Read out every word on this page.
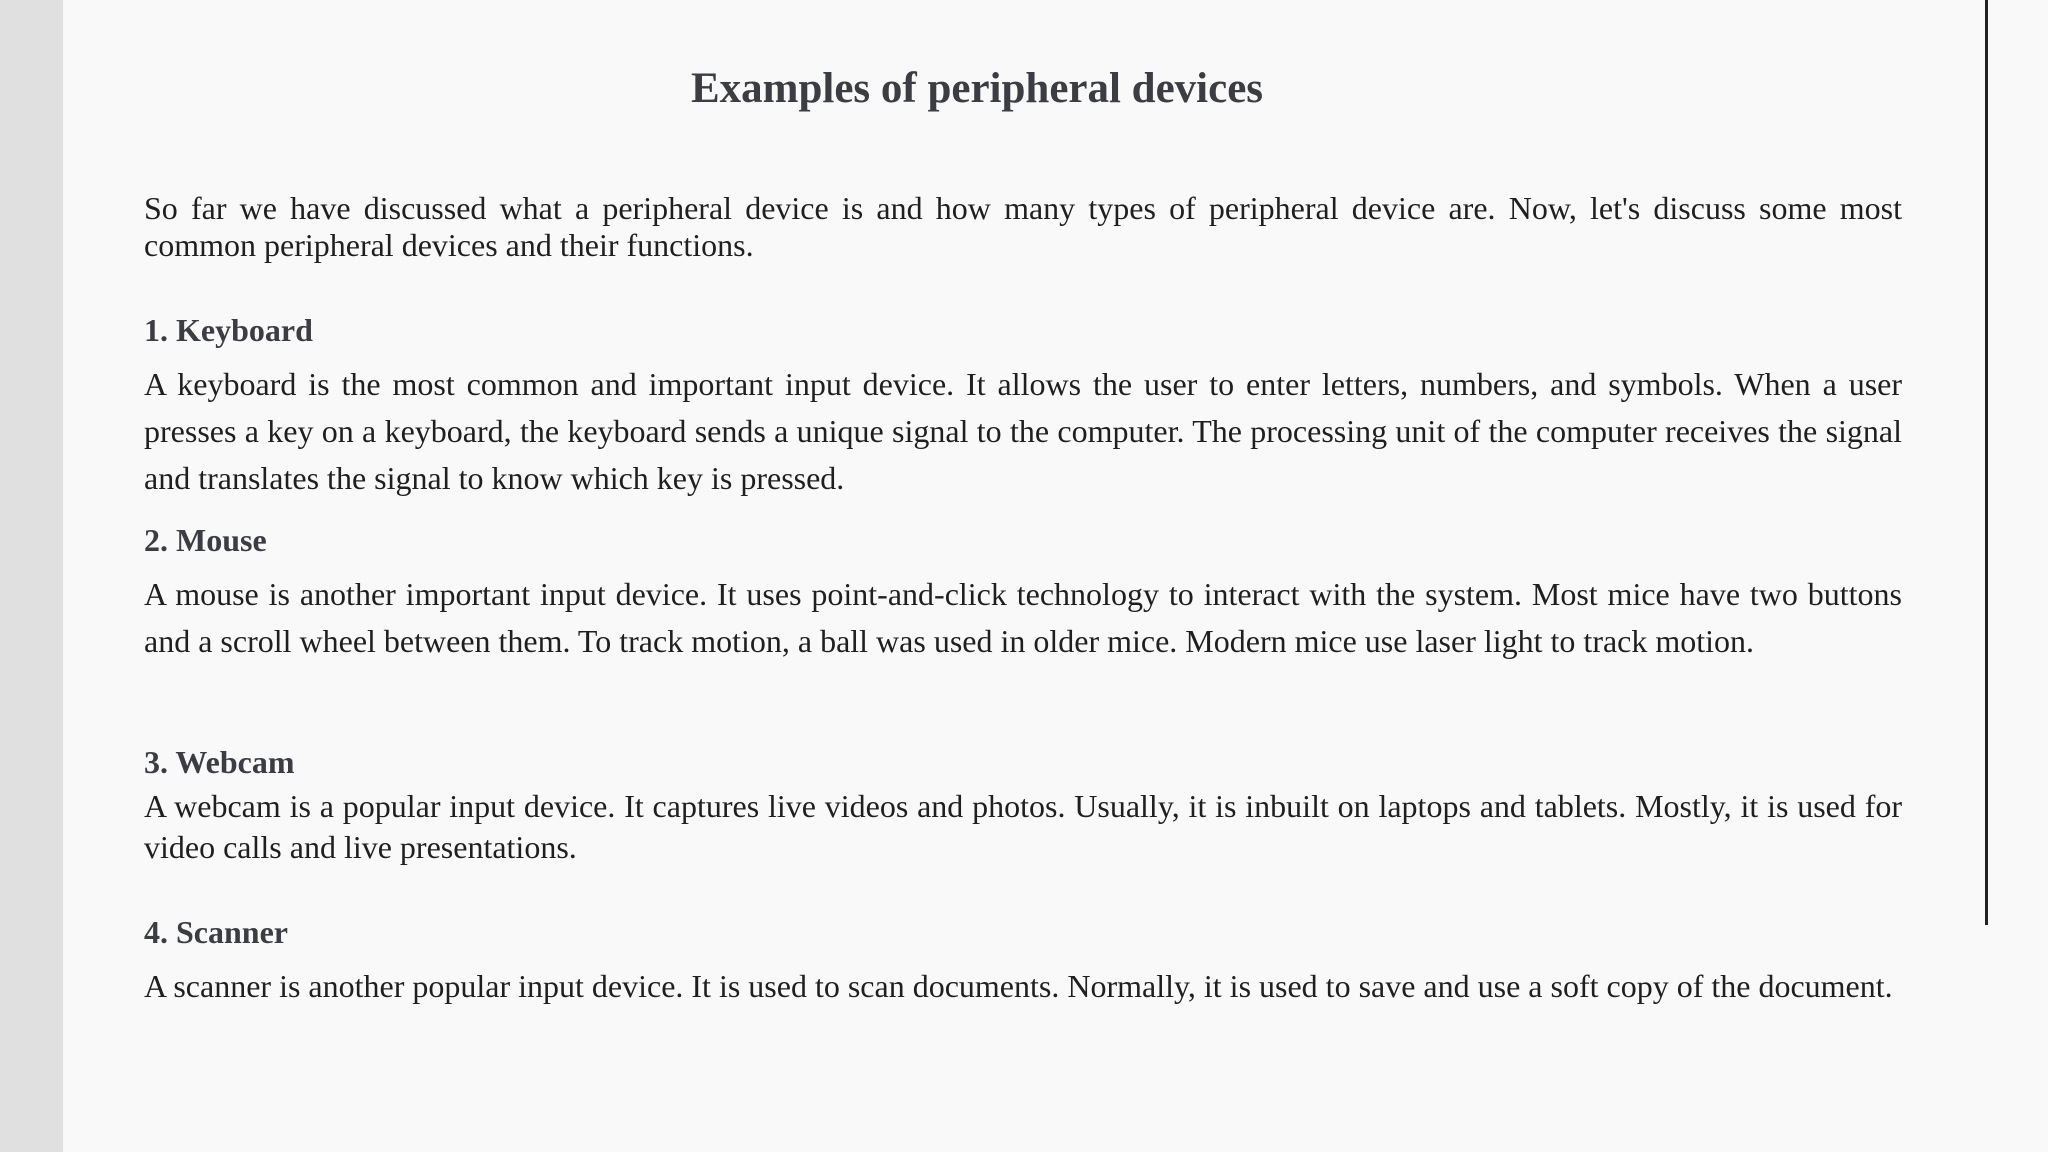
Examples of peripheral devices

So far we have discussed what a peripheral device is and how many types of peripheral device are. Now, let's discuss some most common peripheral devices and their functions.

1. Keyboard

A keyboard is the most common and important input device. It allows the user to enter letters, numbers, and symbols. When a user presses a key on a keyboard, the keyboard sends a unique signal to the computer. The processing unit of the computer receives the signal and translates the signal to know which key is pressed.

2. Mouse

A mouse is another important input device. It uses point-and-click technology to interact with the system. Most mice have two buttons and a scroll wheel between them. To track motion, a ball was used in older mice. Modern mice use laser light to track motion.

3. Webcam

A webcam is a popular input device. It captures live videos and photos. Usually, it is inbuilt on laptops and tablets. Mostly, it is used for video calls and live presentations.

4. Scanner

A scanner is another popular input device. It is used to scan documents. Normally, it is used to save and use a soft copy of the document.
